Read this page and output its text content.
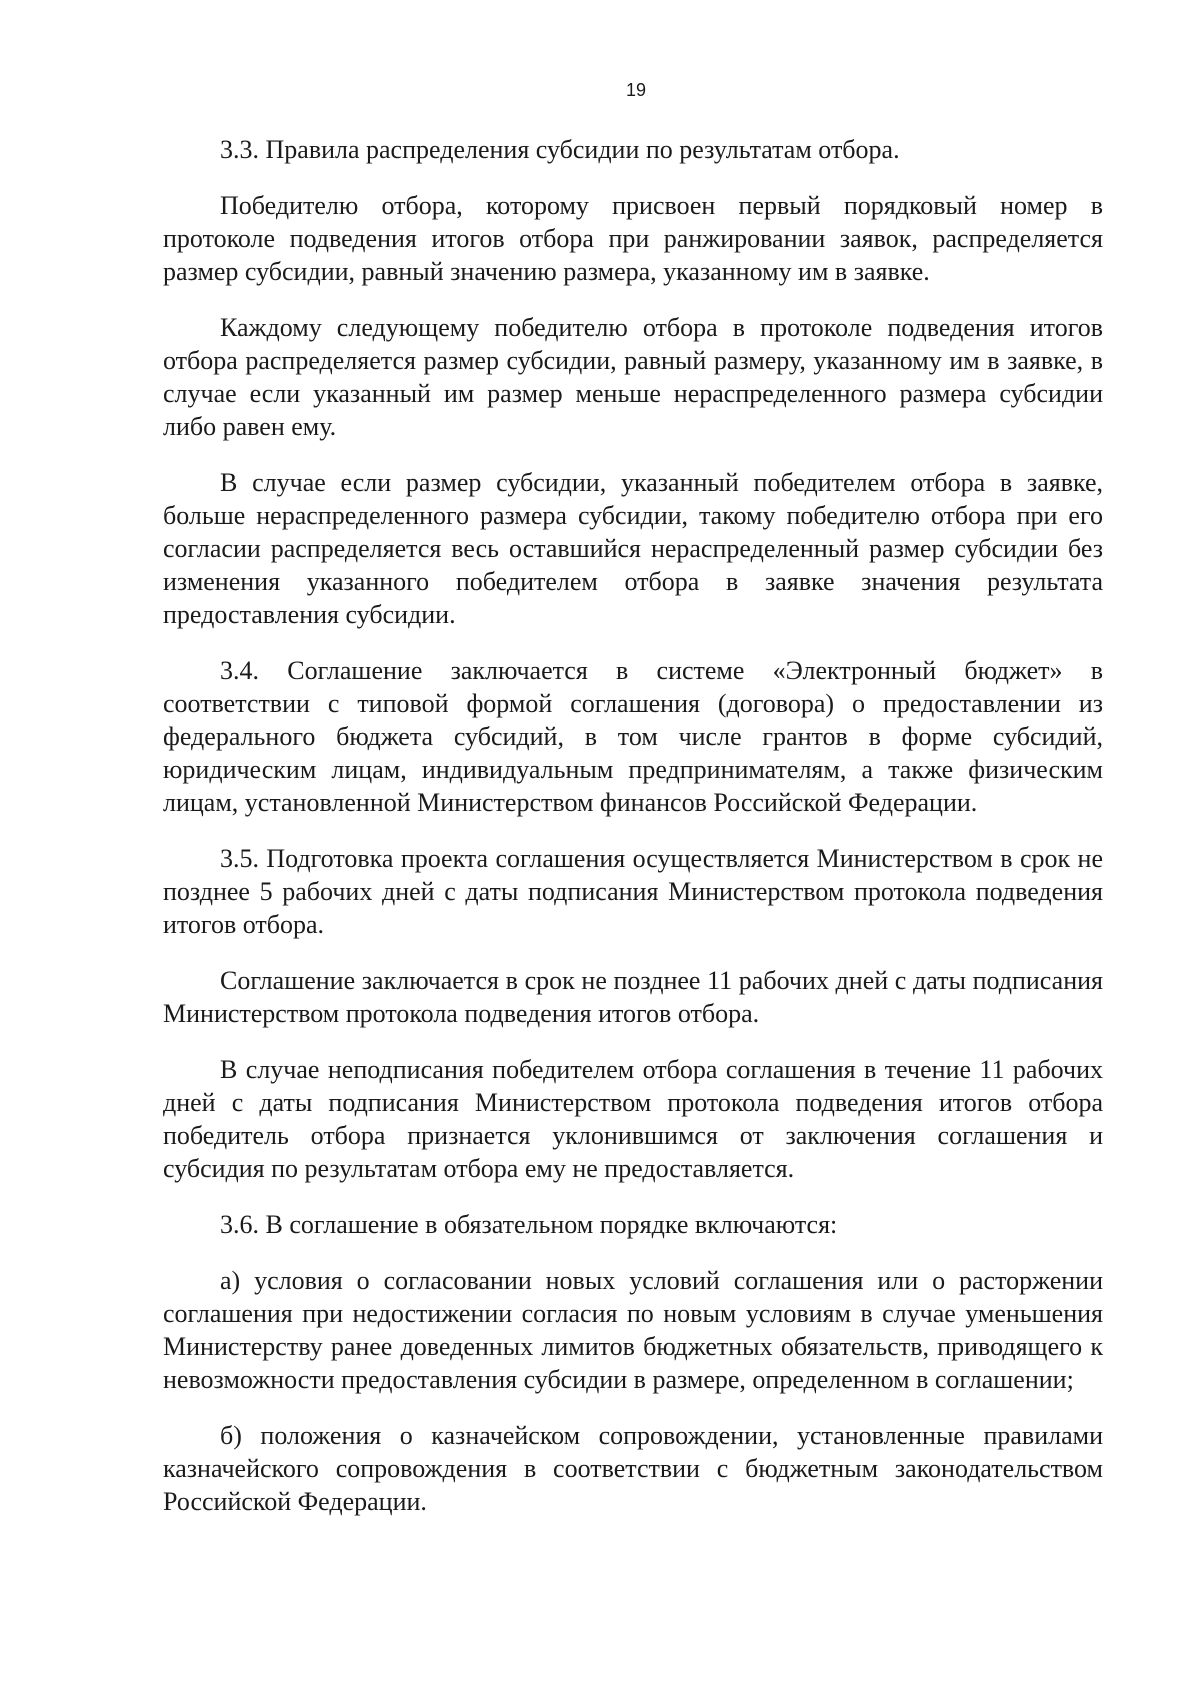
19

3.3. Правила распределения субсидии по результатам отбора.

Победителю отбора, которому присвоен первый порядковый номер в протоколе подведения итогов отбора при ранжировании заявок, распределяется размер субсидии, равный значению размера, указанному им в заявке.

Каждому следующему победителю отбора в протоколе подведения итогов отбора распределяется размер субсидии, равный размеру, указанному им в заявке, в случае если указанный им размер меньше нераспределенного размера субсидии либо равен ему.

В случае если размер субсидии, указанный победителем отбора в заявке, больше нераспределенного размера субсидии, такому победителю отбора при его согласии распределяется весь оставшийся нераспределенный размер субсидии без изменения указанного победителем отбора в заявке значения результата предоставления субсидии.

3.4. Соглашение заключается в системе «Электронный бюджет» в соответствии с типовой формой соглашения (договора) о предоставлении из федерального бюджета субсидий, в том числе грантов в форме субсидий, юридическим лицам, индивидуальным предпринимателям, а также физическим лицам, установленной Министерством финансов Российской Федерации.

3.5. Подготовка проекта соглашения осуществляется Министерством в срок не позднее 5 рабочих дней с даты подписания Министерством протокола подведения итогов отбора.

Соглашение заключается в срок не позднее 11 рабочих дней с даты подписания Министерством протокола подведения итогов отбора.

В случае неподписания победителем отбора соглашения в течение 11 рабочих дней с даты подписания Министерством протокола подведения итогов отбора победитель отбора признается уклонившимся от заключения соглашения и субсидия по результатам отбора ему не предоставляется.

3.6. В соглашение в обязательном порядке включаются:

а) условия о согласовании новых условий соглашения или о расторжении соглашения при недостижении согласия по новым условиям в случае уменьшения Министерству ранее доведенных лимитов бюджетных обязательств, приводящего к невозможности предоставления субсидии в размере, определенном в соглашении;

б) положения о казначейском сопровождении, установленные правилами казначейского сопровождения в соответствии с бюджетным законодательством Российской Федерации.
